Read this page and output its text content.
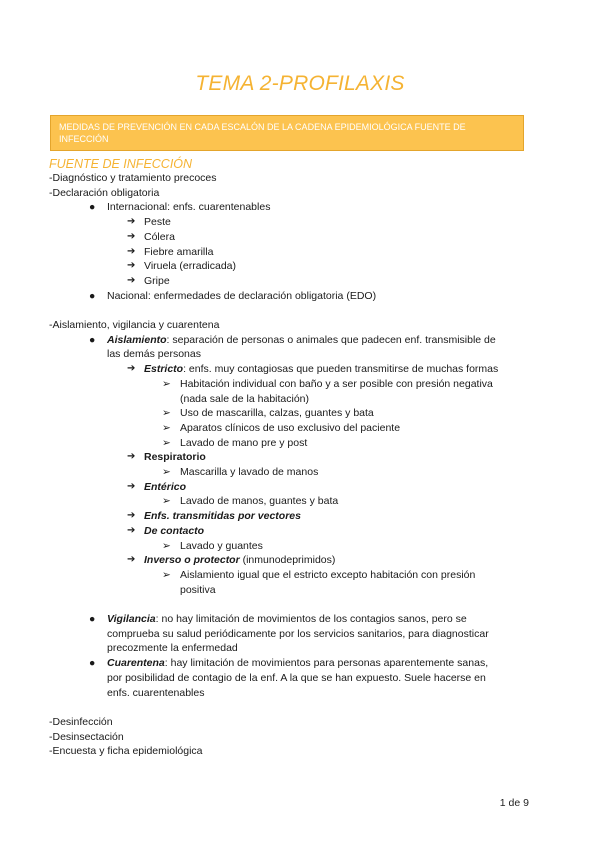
TEMA 2-PROFILAXIS
MEDIDAS DE PREVENCIÓN EN CADA ESCALÓN DE LA CADENA EPIDEMIOLÓGICA FUENTE DE INFECCIÓN
FUENTE DE INFECCIÓN
-Diagnóstico y tratamiento precoces
-Declaración obligatoria
● Internacional: enfs. cuarentenables
➔ Peste
➔ Cólera
➔ Fiebre amarilla
➔ Viruela (erradicada)
➔ Gripe
● Nacional: enfermedades de declaración obligatoria (EDO)
-Aislamiento, vigilancia y cuarentena
● Aislamiento: separación de personas o animales que padecen enf. transmisible de
las demás personas
➔ Estricto: enfs. muy contagiosas que pueden transmitirse de muchas formas
➢ Habitación individual con baño y a ser posible con presión negativa
(nada sale de la habitación)
➢ Uso de mascarilla, calzas, guantes y bata
➢ Aparatos clínicos de uso exclusivo del paciente
➢ Lavado de mano pre y post
➔ Respiratorio
➢ Mascarilla y lavado de manos
➔ Entérico
➢ Lavado de manos, guantes y bata
➔ Enfs. transmitidas por vectores
➔ De contacto
➢ Lavado y guantes
➔ Inverso o protector (inmunodeprimidos)
➢ Aislamiento igual que el estricto excepto habitación con presión
positiva
● Vigilancia: no hay limitación de movimientos de los contagios sanos, pero se
comprueba su salud periódicamente por los servicios sanitarios, para diagnosticar
precozmente la enfermedad
● Cuarentena: hay limitación de movimientos para personas aparentemente sanas,
por posibilidad de contagio de la enf. A la que se han expuesto. Suele hacerse en
enfs. cuarentenables
-Desinfección
-Desinsectación
-Encuesta y ficha epidemiológica
1 de 9
